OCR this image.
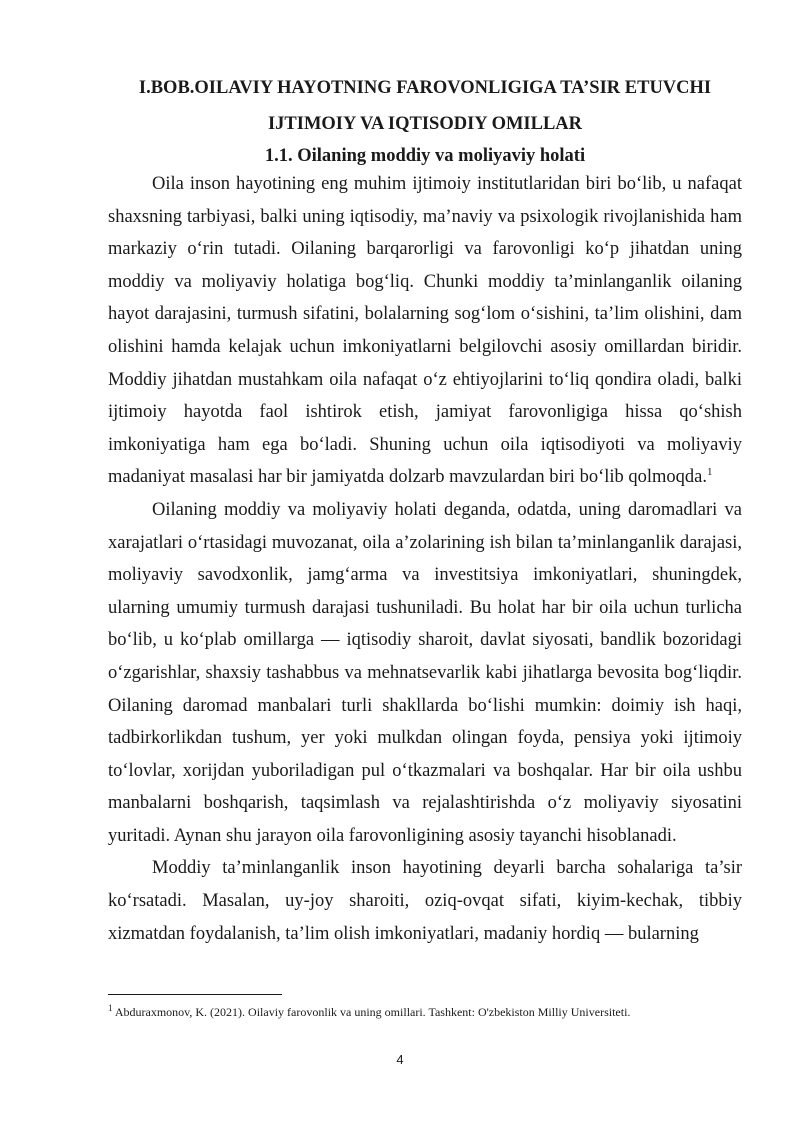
I.BOB.OILAVIY HAYOTNING FAROVONLIGIGA TA’SIR ETUVCHI IJTIMOIY VA IQTISODIY OMILLAR
1.1. Oilaning moddiy va moliyaviy holati

Oila inson hayotining eng muhim ijtimoiy institutlaridan biri bo‘lib, u nafaqat shaxsning tarbiyasi, balki uning iqtisodiy, ma’naviy va psixologik rivojlanishida ham markaziy o‘rin tutadi. Oilaning barqarorligi va farovonligi ko‘p jihatdan uning moddiy va moliyaviy holatiga bog‘liq. Chunki moddiy ta’minlanganlik oilaning hayot darajasini, turmush sifatini, bolalarning sog‘lom o‘sishini, ta’lim olishini, dam olishini hamda kelajak uchun imkoniyatlarni belgilovchi asosiy omillardan biridir. Moddiy jihatdan mustahkam oila nafaqat o‘z ehtiyojlarini to‘liq qondira oladi, balki ijtimoiy hayotda faol ishtirok etish, jamiyat farovonligiga hissa qo‘shish imkoniyatiga ham ega bo‘ladi. Shuning uchun oila iqtisodiyoti va moliyaviy madaniyat masalasi har bir jamiyatda dolzarb mavzulardan biri bo‘lib qolmoqda.$^1$

Oilaning moddiy va moliyaviy holati deganda, odatda, uning daromadlari va xarajatlari o‘rtasidagi muvozanat, oila a’zolarining ish bilan ta’minlanganlik darajasi, moliyaviy savodxonlik, jamg‘arma va investitsiya imkoniyatlari, shuningdek, ularning umumiy turmush darajasi tushuniladi. Bu holat har bir oila uchun turlicha bo‘lib, u ko‘plab omillarga — iqtisodiy sharoit, davlat siyosati, bandlik bozoridagi o‘zgarishlar, shaxsiy tashabbus va mehnatsevarlik kabi jihatlarga bevosita bog‘liqdir. Oilaning daromad manbalari turli shakllarda bo‘lishi mumkin: doimiy ish haqi, tadbirkorlikdan tushum, yer yoki mulkdan olingan foyda, pensiya yoki ijtimoiy to‘lovlar, xorijdan yuboriladigan pul o‘tkazmalari va boshqalar. Har bir oila ushbu manbalarni boshqarish, taqsimlash va rejalashtirishda o‘z moliyaviy siyosatini yuritadi. Aynan shu jarayon oila farovonligining asosiy tayanchi hisoblanadi.

Moddiy ta’minlanganlik inson hayotining deyarli barcha sohalariga ta’sir ko‘rsatadi. Masalan, uy-joy sharoiti, oziq-ovqat sifati, kiyim-kechak, tibbiy xizmatdan foydalanish, ta’lim olish imkoniyatlari, madaniy hordiq — bularning

$^1$ Abduraxmonov, K. (2021). Oilaviy farovonlik va uning omillari. Tashkent: O'zbekiston Milliy Universiteti.

4
